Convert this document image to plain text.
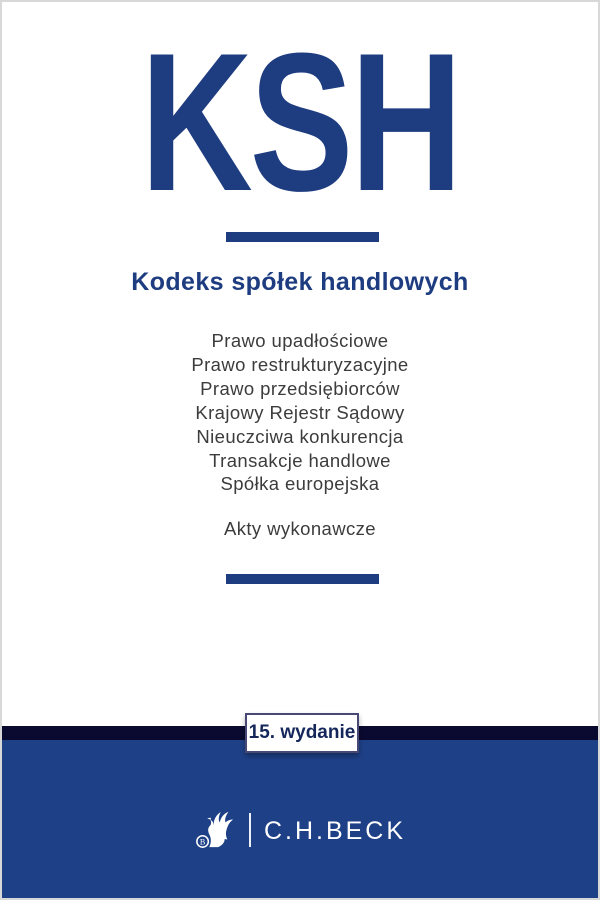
KSH
Kodeks spółek handlowych
Prawo upadłościowe
Prawo restrukturyzacyjne
Prawo przedsiębiorców
Krajowy Rejestr Sądowy
Nieuczciwa konkurencja
Transakcje handlowe
Spółka europejska
Akty wykonawcze
15. wydanie
B C.H.BECK
